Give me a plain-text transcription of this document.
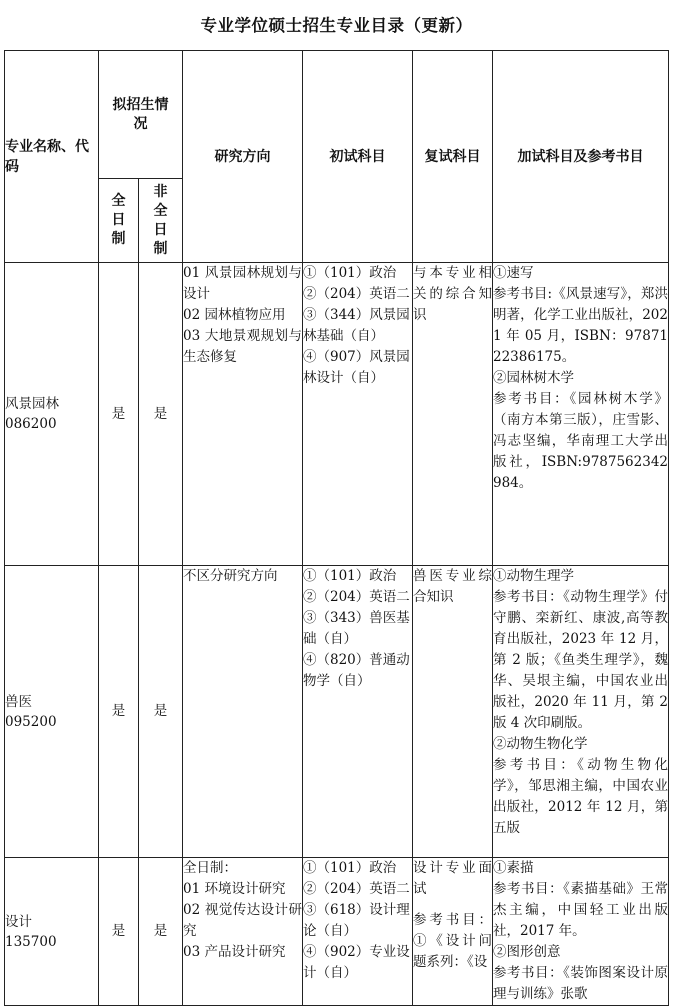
专业学位硕士招生专业目录（更新）
专业名称、代码	拟招生情况		研究方向	初试科目	复试科目	加试科目及参考书目

	全日制	非全日制				

风景园林
086200	是	是	01 风景园林规划与设计
02 园林植物应用
03 大地景观规划与生态修复	①（101）政治
②（204）英语二
③（344）风景园林基础（自）
④（907）风景园林设计（自）	与本专业相关的综合知识	①速写
参考书目:《风景速写》，郑洪明著，化学工业出版社，2021 年 05 月，ISBN：9787122386175。
②园林树木学
参考书目：《园林树木学》（南方本第三版），庄雪影、冯志坚编，华南理工大学出版社，ISBN:9787562342984。

兽医
095200	是	是	不区分研究方向	①（101）政治
②（204）英语二
③（343）兽医基础（自）
④（820）普通动物学（自）	兽医专业综合知识	①动物生理学
参考书目：《动物生理学》付守鹏、栾新红、康波,高等教育出版社，2023 年 12 月，第 2 版；《鱼类生理学》，魏华、吴垠主编，中国农业出版社，2020 年 11 月，第 2 版 4 次印刷版。
②动物生物化学
参考书目：《动物生物化学》，邹思湘主编，中国农业出版社，2012 年 12 月，第五版

设计
135700	是	是	全日制：
01 环境设计研究
02 视觉传达设计研究
03 产品设计研究	①（101）政治
②（204）英语二
③（618）设计理论（自）
④（902）专业设计（自）	设计专业面试
参考书目：①《设计问题系列：《设	①素描
参考书目：《素描基础》王常杰主编，中国轻工业出版社，2017 年。
②图形创意
参考书目：《装饰图案设计原理与训练》张歌
